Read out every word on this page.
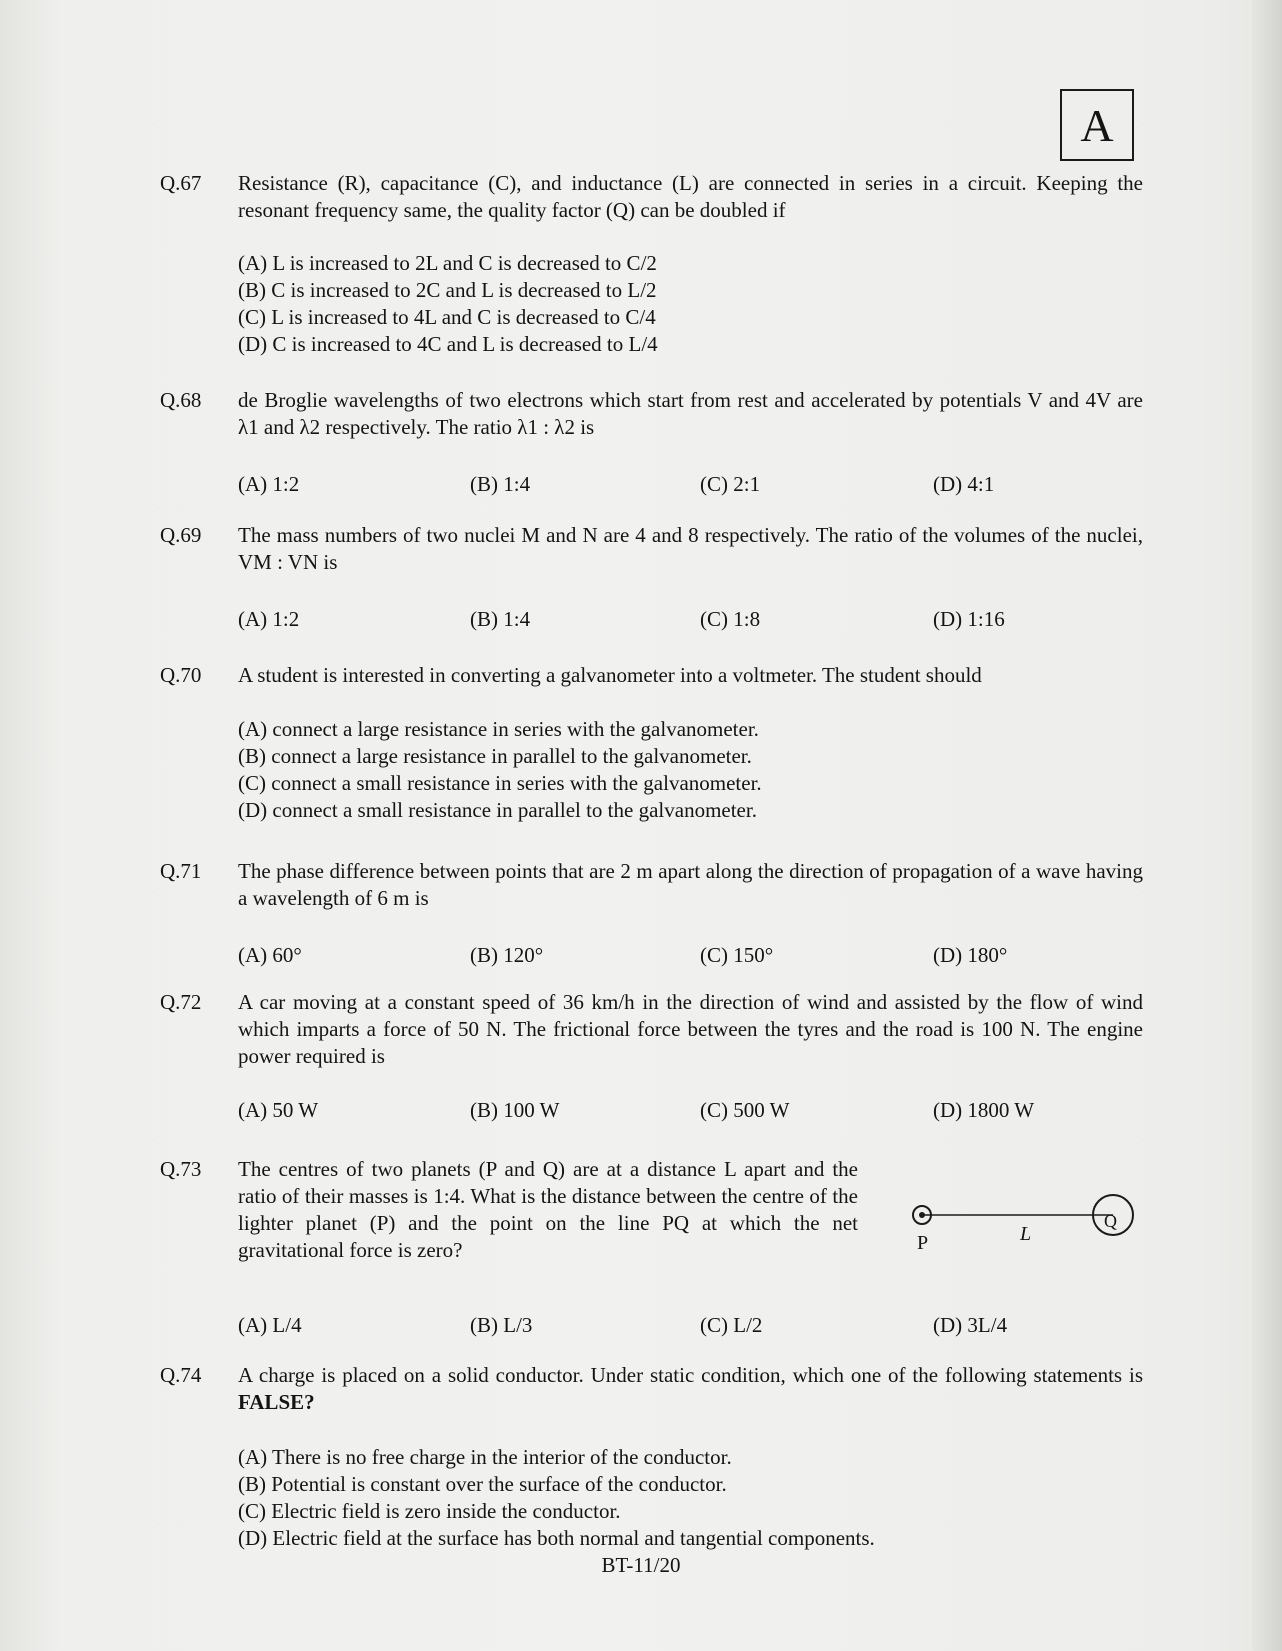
A
Q.67	Resistance (R), capacitance (C), and inductance (L) are connected in series in a circuit. Keeping the resonant frequency same, the quality factor (Q) can be doubled if
(A) L is increased to 2L and C is decreased to C/2
(B) C is increased to 2C and L is decreased to L/2
(C) L is increased to 4L and C is decreased to C/4
(D) C is increased to 4C and L is decreased to L/4
Q.68	de Broglie wavelengths of two electrons which start from rest and accelerated by potentials V and 4V are λ1 and λ2 respectively. The ratio λ1 : λ2 is
(A) 1:2	(B) 1:4	(C) 2:1	(D) 4:1
Q.69	The mass numbers of two nuclei M and N are 4 and 8 respectively. The ratio of the volumes of the nuclei, VM : VN is
(A) 1:2	(B) 1:4	(C) 1:8	(D) 1:16
Q.70	A student is interested in converting a galvanometer into a voltmeter. The student should
(A) connect a large resistance in series with the galvanometer.
(B) connect a large resistance in parallel to the galvanometer.
(C) connect a small resistance in series with the galvanometer.
(D) connect a small resistance in parallel to the galvanometer.
Q.71	The phase difference between points that are 2 m apart along the direction of propagation of a wave having a wavelength of 6 m is
(A) 60°	(B) 120°	(C) 150°	(D) 180°
Q.72	A car moving at a constant speed of 36 km/h in the direction of wind and assisted by the flow of wind which imparts a force of 50 N. The frictional force between the tyres and the road is 100 N. The engine power required is
(A) 50 W	(B) 100 W	(C) 500 W	(D) 1800 W
Q.73	The centres of two planets (P and Q) are at a distance L apart and the ratio of their masses is 1:4. What is the distance between the centre of the lighter planet (P) and the point on the line PQ at which the net gravitational force is zero?
(A) L/4	(B) L/3	(C) L/2	(D) 3L/4
P	L
Q
Q.74	A charge is placed on a solid conductor. Under static condition, which one of the following statements is FALSE?
(A) There is no free charge in the interior of the conductor.
(B) Potential is constant over the surface of the conductor.
(C) Electric field is zero inside the conductor.
(D) Electric field at the surface has both normal and tangential components.
BT-11/20
